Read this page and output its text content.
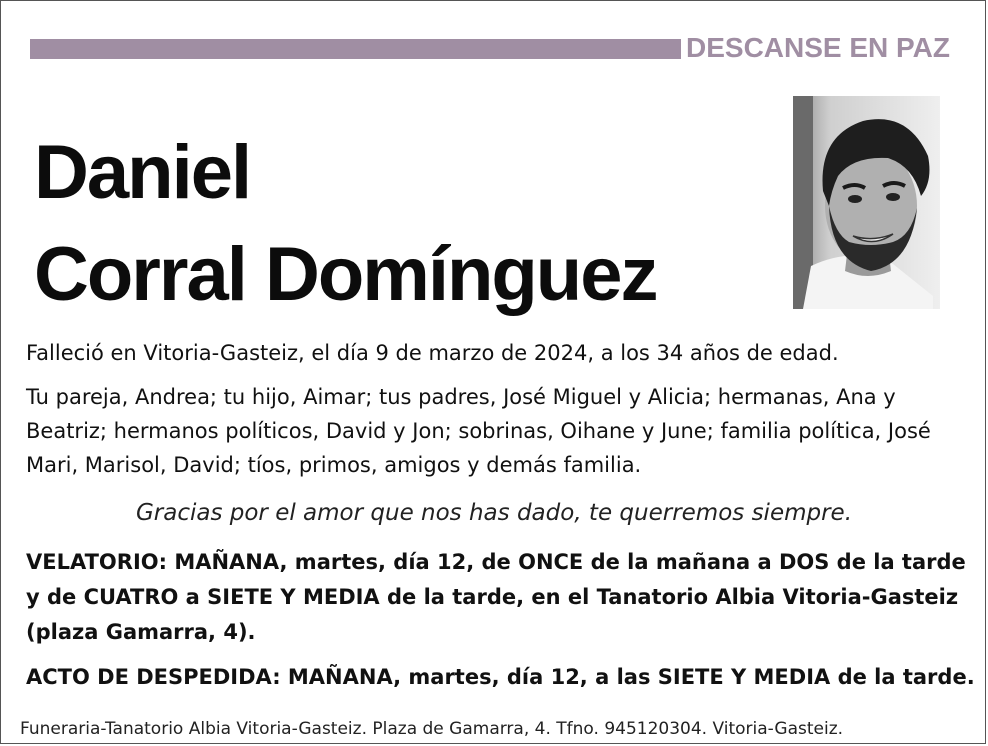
DESCANSE EN PAZ
Daniel
Corral Domínguez
Falleció en Vitoria-Gasteiz, el día 9 de marzo de 2024, a los 34 años de edad.
Tu pareja, Andrea; tu hijo, Aimar; tus padres, José Miguel y Alicia; hermanas, Ana y Beatriz; hermanos políticos, David y Jon; sobrinas, Oihane y June; familia política, José Mari, Marisol, David; tíos, primos, amigos y demás familia.
Gracias por el amor que nos has dado, te querremos siempre.
VELATORIO: MAÑANA, martes, día 12, de ONCE de la mañana a DOS de la tarde y de CUATRO a SIETE Y MEDIA de la tarde, en el Tanatorio Albia Vitoria-Gasteiz (plaza Gamarra, 4).
ACTO DE DESPEDIDA: MAÑANA, martes, día 12, a las SIETE Y MEDIA de la tarde.
Funeraria-Tanatorio Albia Vitoria-Gasteiz. Plaza de Gamarra, 4. Tfno. 945120304. Vitoria-Gasteiz.
